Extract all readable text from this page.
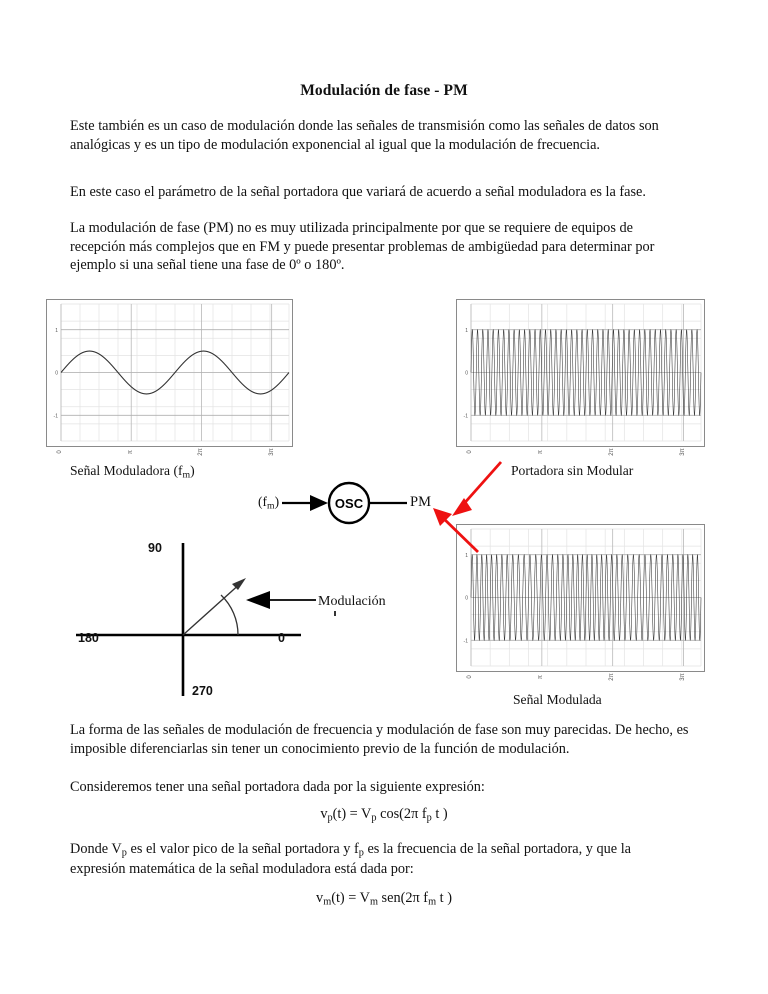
Modulación de fase - PM
Este también es un caso de modulación donde las señales de transmisión como las señales de datos son analógicas y es un tipo de modulación exponencial al igual que la modulación de frecuencia.
En este caso el parámetro de la señal portadora que variará de acuerdo a señal moduladora es la fase.
La modulación de fase (PM) no es muy utilizada principalmente por que se requiere de equipos de recepción más complejos que en FM y puede presentar problemas de ambigüedad para determinar por ejemplo si una señal tiene una fase de 0º o 180º.
1
0
-1
Señal Moduladora $(f_m)$
1
0
-1
Portadora sin Modular
1
0
-1
Señal Modulada
$(f_m)$	OSC	PM
90
180	0
270
Modulación
La forma de las señales de modulación de frecuencia y modulación de fase son muy parecidas. De hecho, es imposible diferenciarlas sin tener un conocimiento previo de la función de modulación.
Consideremos tener una señal portadora dada por la siguiente expresión:
$v_p(t) = V_p$ cos(2π $f_p$ t )
Donde $V_p$ es el valor pico de la señal portadora y $f_p$ es la frecuencia de la señal portadora, y que la expresión matemática de la señal moduladora está dada por:
$v_m(t) = V_m$ sen(2π $f_m$ t )
0	π	2π	3π	0	π	2π	3π
0	π	2π	3π
